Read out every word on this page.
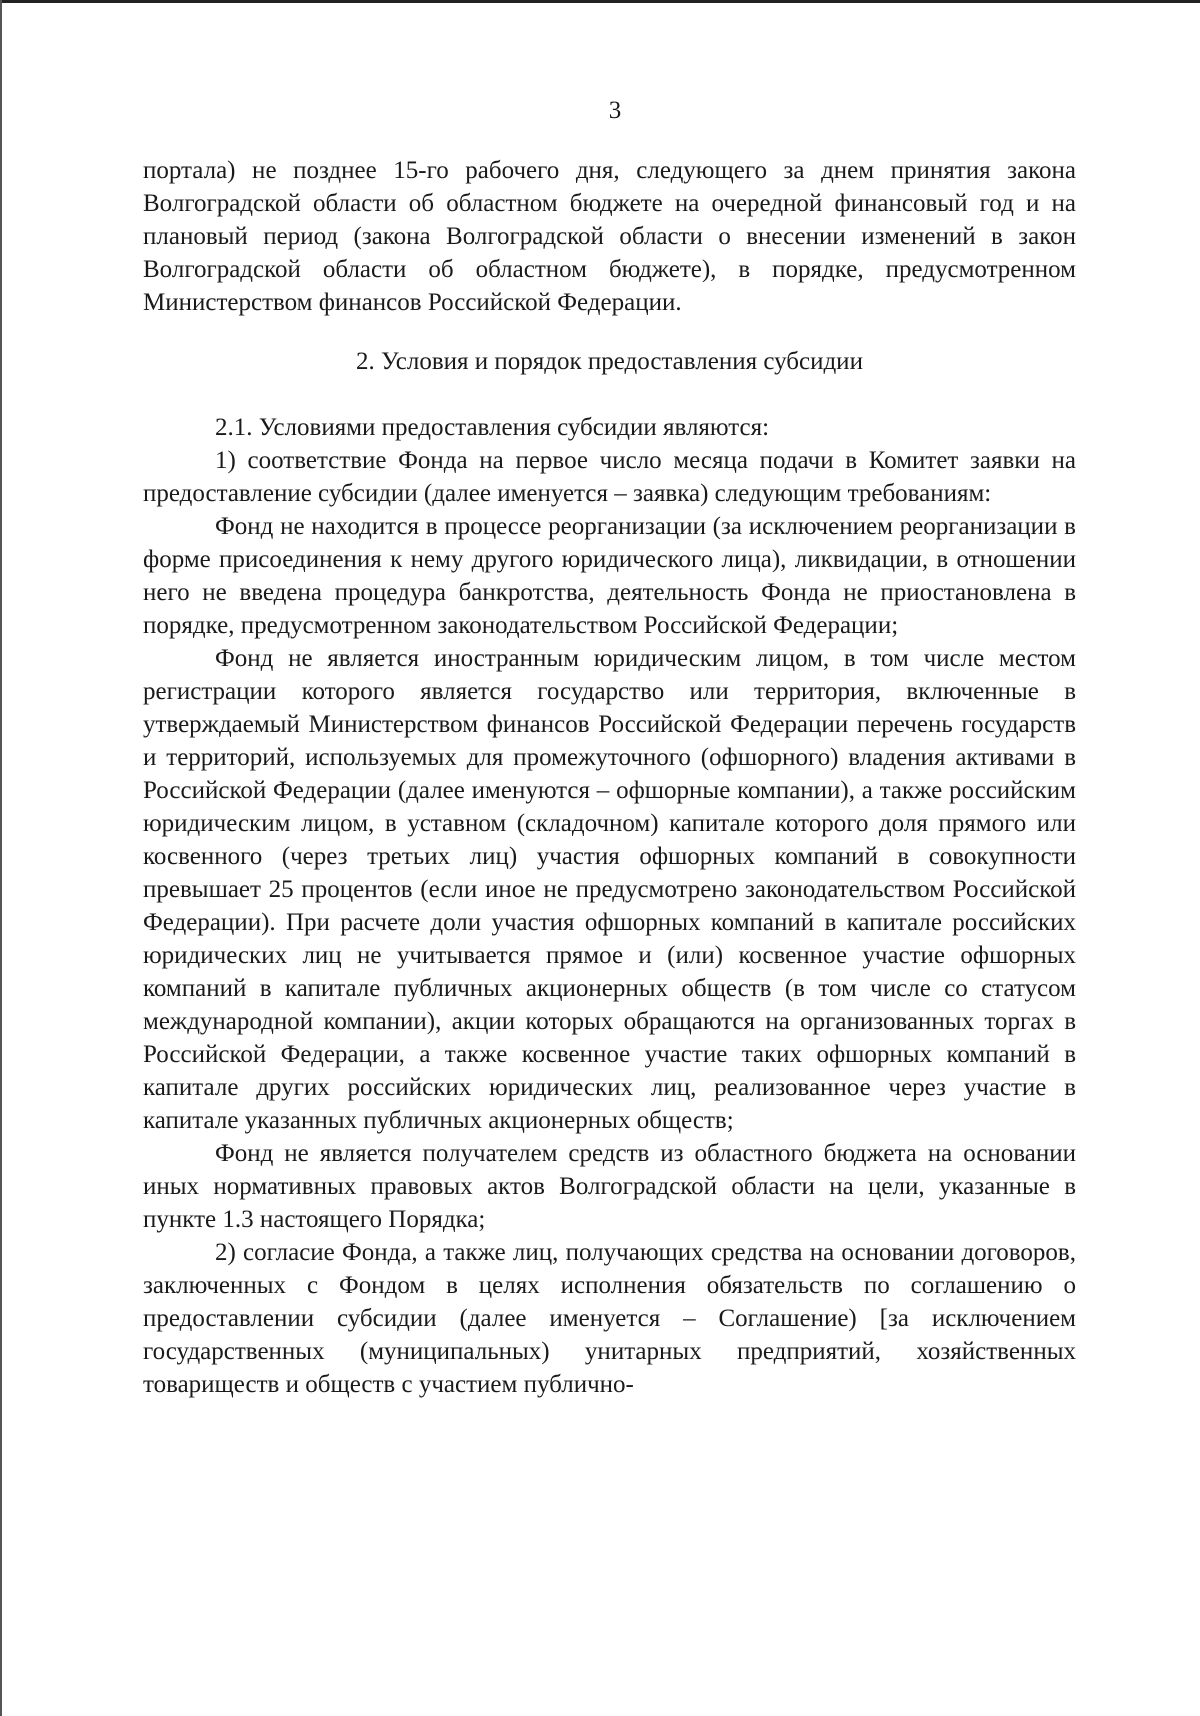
3

портала) не позднее 15-го рабочего дня, следующего за днем принятия закона Волгоградской области об областном бюджете на очередной финансовый год и на плановый период (закона Волгоградской области о внесении изменений в закон Волгоградской области об областном бюджете), в порядке, предусмотренном Министерством финансов Российской Федерации.

2. Условия и порядок предоставления субсидии

2.1. Условиями предоставления субсидии являются:

1) соответствие Фонда на первое число месяца подачи в Комитет заявки на предоставление субсидии (далее именуется – заявка) следующим требованиям:

Фонд не находится в процессе реорганизации (за исключением реорганизации в форме присоединения к нему другого юридического лица), ликвидации, в отношении него не введена процедура банкротства, деятельность Фонда не приостановлена в порядке, предусмотренном законодательством Российской Федерации;

Фонд не является иностранным юридическим лицом, в том числе местом регистрации которого является государство или территория, включенные в утверждаемый Министерством финансов Российской Федерации перечень государств и территорий, используемых для промежуточного (офшорного) владения активами в Российской Федерации (далее именуются – офшорные компании), а также российским юридическим лицом, в уставном (складочном) капитале которого доля прямого или косвенного (через третьих лиц) участия офшорных компаний в совокупности превышает 25 процентов (если иное не предусмотрено законодательством Российской Федерации). При расчете доли участия офшорных компаний в капитале российских юридических лиц не учитывается прямое и (или) косвенное участие офшорных компаний в капитале публичных акционерных обществ (в том числе со статусом международной компании), акции которых обращаются на организованных торгах в Российской Федерации, а также косвенное участие таких офшорных компаний в капитале других российских юридических лиц, реализованное через участие в капитале указанных публичных акционерных обществ;

Фонд не является получателем средств из областного бюджета на основании иных нормативных правовых актов Волгоградской области на цели, указанные в пункте 1.3 настоящего Порядка;

2) согласие Фонда, а также лиц, получающих средства на основании договоров, заключенных с Фондом в целях исполнения обязательств по соглашению о предоставлении субсидии (далее именуется – Соглашение) [за исключением государственных (муниципальных) унитарных предприятий, хозяйственных товариществ и обществ с участием публично-
